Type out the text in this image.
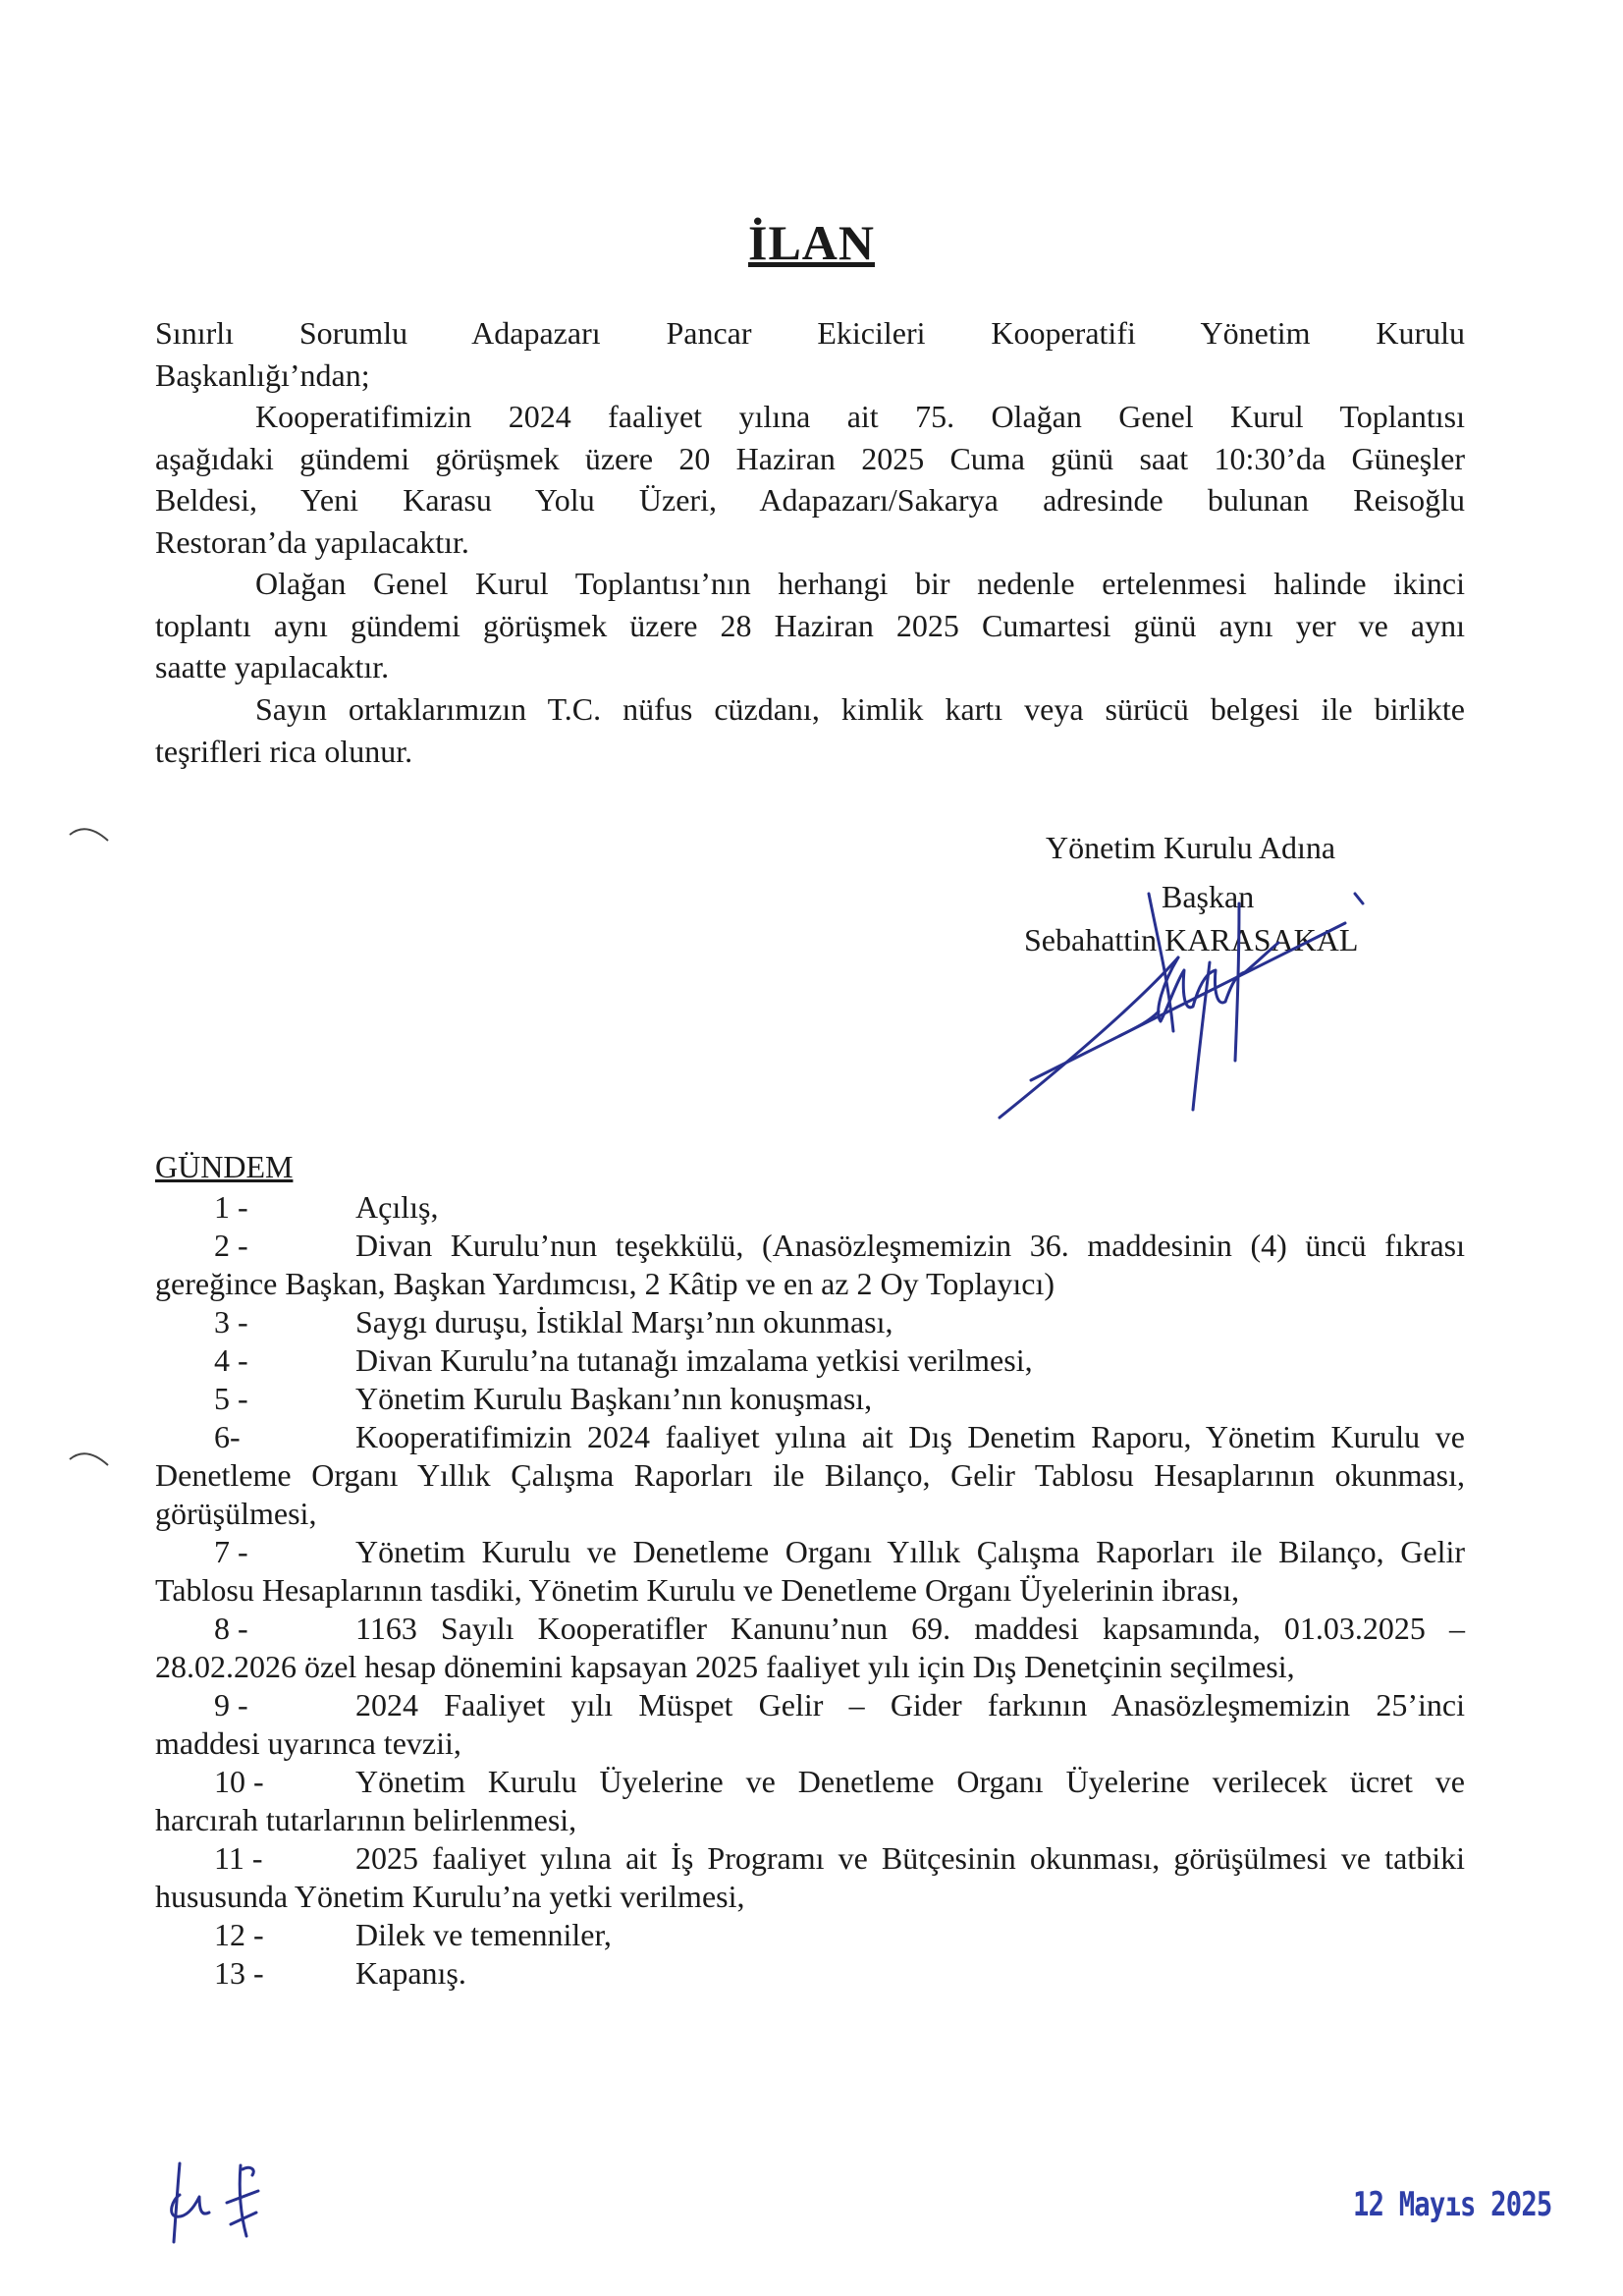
İLAN
Sınırlı Sorumlu Adapazarı Pancar Ekicileri Kooperatifi Yönetim Kurulu
Başkanlığı’ndan;
Kooperatifimizin 2024 faaliyet yılına ait 75. Olağan Genel Kurul Toplantısı
aşağıdaki gündemi görüşmek üzere 20 Haziran 2025 Cuma günü saat 10:30’da Güneşler
Beldesi, Yeni Karasu Yolu Üzeri, Adapazarı/Sakarya adresinde bulunan Reisoğlu
Restoran’da yapılacaktır.
Olağan Genel Kurul Toplantısı’nın herhangi bir nedenle ertelenmesi halinde ikinci
toplantı aynı gündemi görüşmek üzere 28 Haziran 2025 Cumartesi günü aynı yer ve aynı
saatte yapılacaktır.
Sayın ortaklarımızın T.C. nüfus cüzdanı, kimlik kartı veya sürücü belgesi ile birlikte
teşrifleri rica olunur.
Yönetim Kurulu Adına
Başkan
Sebahattin KARASAKAL
GÜNDEM
1 -	Açılış,
2 -	Divan Kurulu’nun teşekkülü, (Anasözleşmemizin 36. maddesinin (4) üncü fıkrası
gereğince Başkan, Başkan Yardımcısı, 2 Kâtip ve en az 2 Oy Toplayıcı)
3 -	Saygı duruşu, İstiklal Marşı’nın okunması,
4 -	Divan Kurulu’na tutanağı imzalama yetkisi verilmesi,
5 -	Yönetim Kurulu Başkanı’nın konuşması,
6-	Kooperatifimizin 2024 faaliyet yılına ait Dış Denetim Raporu, Yönetim Kurulu ve
Denetleme Organı Yıllık Çalışma Raporları ile Bilanço, Gelir Tablosu Hesaplarının okunması,
görüşülmesi,
7 -	Yönetim Kurulu ve Denetleme Organı Yıllık Çalışma Raporları ile Bilanço, Gelir
Tablosu Hesaplarının tasdiki, Yönetim Kurulu ve Denetleme Organı Üyelerinin ibrası,
8 -	1163 Sayılı Kooperatifler Kanunu’nun 69. maddesi kapsamında, 01.03.2025 –
28.02.2026 özel hesap dönemini kapsayan 2025 faaliyet yılı için Dış Denetçinin seçilmesi,
9 -	2024 Faaliyet yılı Müspet Gelir – Gider farkının Anasözleşmemizin 25’inci
maddesi uyarınca tevzii,
10 -	Yönetim Kurulu Üyelerine ve Denetleme Organı Üyelerine verilecek ücret ve
harcırah tutarlarının belirlenmesi,
11 -	2025 faaliyet yılına ait İş Programı ve Bütçesinin okunması, görüşülmesi ve tatbiki
hususunda Yönetim Kurulu’na yetki verilmesi,
12 -	Dilek ve temenniler,
13 -	Kapanış.
12 Mayıs 2025
